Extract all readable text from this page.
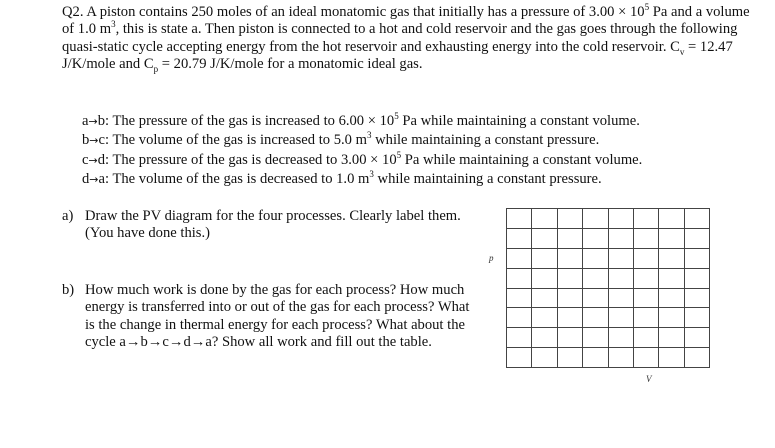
Q2. A piston contains 250 moles of an ideal monatomic gas that initially has a pressure of $3.00 \times 10^5$ Pa and a volume of 1.0 $m^3$, this is state a. Then piston is connected to a hot and cold reservoir and the gas goes through the following quasi-static cycle accepting energy from the hot reservoir and exhausting energy into the cold reservoir. $C_v = 12.47$ J/K/mole and $C_p = 20.79$ J/K/mole for a monatomic ideal gas.

a→b: The pressure of the gas is increased to $6.00 \times 10^5$ Pa while maintaining a constant volume.
b→c: The volume of the gas is increased to 5.0 $m^3$ while maintaining a constant pressure.
c→d: The pressure of the gas is decreased to $3.00 \times 10^5$ Pa while maintaining a constant volume.
d→a: The volume of the gas is decreased to 1.0 $m^3$ while maintaining a constant pressure.
a) Draw the PV diagram for the four processes. Clearly label them. (You have done this.)
b) How much work is done by the gas for each process? How much energy is transferred into or out of the gas for each process? What is the change in thermal energy for each process? What about the cycle a→b→c→d→a? Show all work and fill out the table.
p

V
